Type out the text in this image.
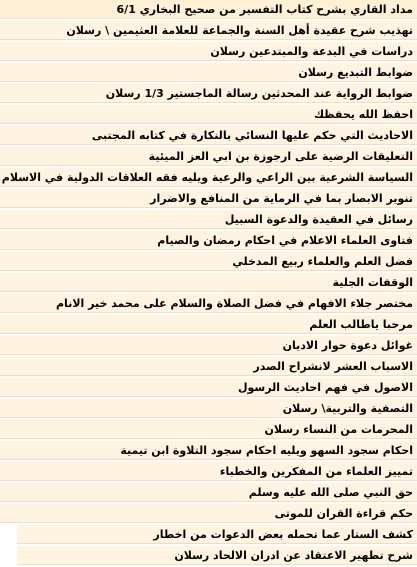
مداد القاري بشرح كتاب التفسير من صحيح البخاري 6/1
تهذيب شرح عقيدة أهل السنة والجماعة للعلامة العثيمين \ رسلان
دراسات في البدعة والمبتدعين رسلان
ضوابط التبديع رسلان
ضوابط الرواية عند المحدثين رسالة الماجستير 1/3 رسلان
احفظ الله يحفظك
الاحاديث التي حكم عليها النسائي بالنكارة في كتابه المجتبى
التعليقات الرضية على ارجوزة بن ابي العز الميئية
السياسة الشرعية بين الراعي والرعية ويليه فقه العلاقات الدولية في الاسلام
تنوير الابصار بما في الرماية من المنافع والاضرار
رسائل في العقيدة والدعوة السبيل
فتاوى العلماء الاعلام في احكام رمضان والصيام
فضل العلم والعلماء ربيع المدخلي
الوقفات الجلية
مختصر جلاء الافهام في فضل الصلاة والسلام على محمد خير الانام
مرحبا ياطالب العلم
غوائل دعوة حوار الاديان
الاسباب العشر لانشراح الصدر
الاصول في فهم احاديث الرسول
التصفية والتربية\ رسلان
المحرمات من النساء رسلان
احكام سجود السهو ويليه احكام سجود التلاوة ابن تيمية
تمييز العلماء من المفكرين والخطباء
حق النبي صلى الله عليه وسلم
حكم قراءة القران للموتى
كشف الستار عما تحمله بعض الدعوات من اخطار
شرح تطهير الاعتقاد عن ادران الالحاد رسلان
